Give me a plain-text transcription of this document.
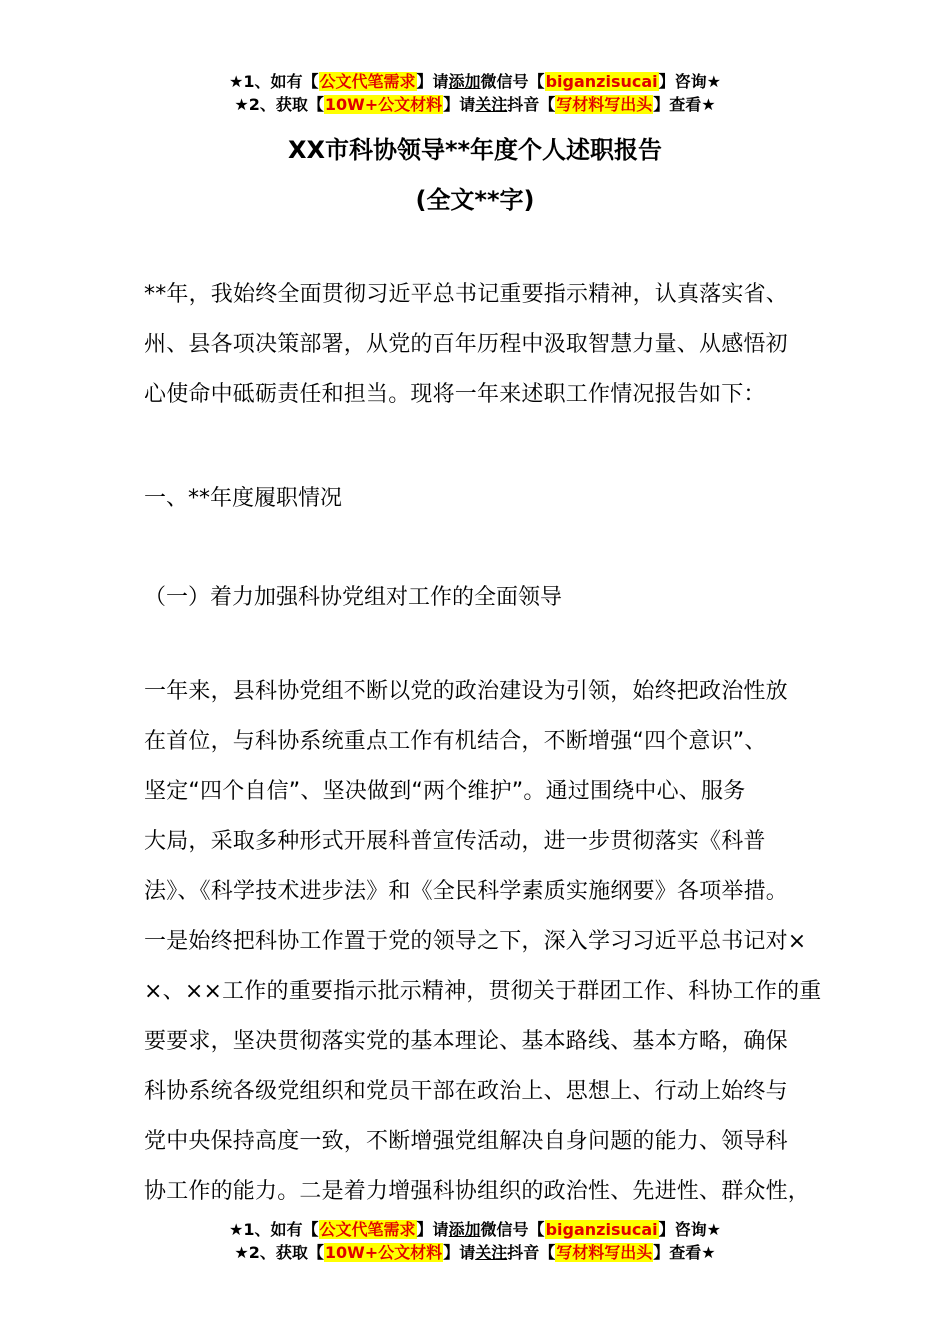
★1、如有【公文代笔需求】请添加微信号【biganzisucai】咨询★
★2、获取【10W+公文材料】请关注抖音【写材料写出头】查看★
XX市科协领导**年度个人述职报告
(全文**字)
**年，我始终全面贯彻习近平总书记重要指示精神，认真落实省、
州、县各项决策部署，从党的百年历程中汲取智慧力量、从感悟初
心使命中砥砺责任和担当。现将一年来述职工作情况报告如下：
一、**年度履职情况
（一）着力加强科协党组对工作的全面领导
一年来，县科协党组不断以党的政治建设为引领，始终把政治性放
在首位，与科协系统重点工作有机结合，不断增强“四个意识”、
坚定“四个自信”、坚决做到“两个维护”。通过围绕中心、服务
大局，采取多种形式开展科普宣传活动，进一步贯彻落实《科普
法》、《科学技术进步法》和《全民科学素质实施纲要》各项举措。
一是始终把科协工作置于党的领导之下，深入学习习近平总书记对×
×、××工作的重要指示批示精神，贯彻关于群团工作、科协工作的重
要要求，坚决贯彻落实党的基本理论、基本路线、基本方略，确保
科协系统各级党组织和党员干部在政治上、思想上、行动上始终与
党中央保持高度一致，不断增强党组解决自身问题的能力、领导科
协工作的能力。二是着力增强科协组织的政治性、先进性、群众性，
★1、如有【公文代笔需求】请添加微信号【biganzisucai】咨询★
★2、获取【10W+公文材料】请关注抖音【写材料写出头】查看★
